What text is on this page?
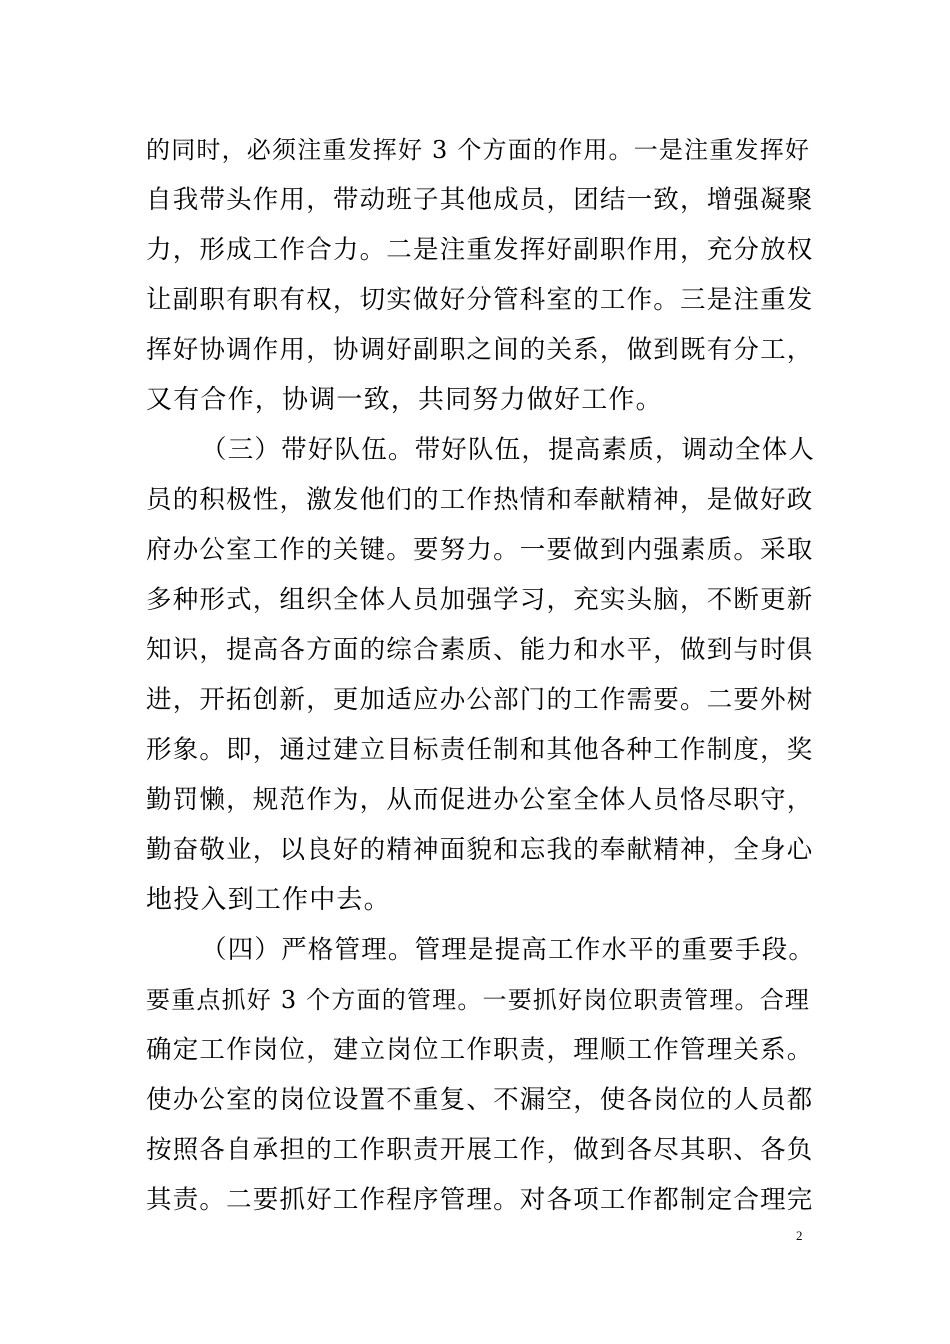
的同时，必须注重发挥好 3 个方面的作用。一是注重发挥好
自我带头作用，带动班子其他成员，团结一致，增强凝聚
力，形成工作合力。二是注重发挥好副职作用，充分放权
让副职有职有权，切实做好分管科室的工作。三是注重发
挥好协调作用，协调好副职之间的关系，做到既有分工，
又有合作，协调一致，共同努力做好工作。
（三）带好队伍。带好队伍，提高素质，调动全体人
员的积极性，激发他们的工作热情和奉献精神，是做好政
府办公室工作的关键。要努力。一要做到内强素质。采取
多种形式，组织全体人员加强学习，充实头脑，不断更新
知识，提高各方面的综合素质、能力和水平，做到与时俱
进，开拓创新，更加适应办公部门的工作需要。二要外树
形象。即，通过建立目标责任制和其他各种工作制度，奖
勤罚懒，规范作为，从而促进办公室全体人员恪尽职守，
勤奋敬业，以良好的精神面貌和忘我的奉献精神，全身心
地投入到工作中去。
（四）严格管理。管理是提高工作水平的重要手段。
要重点抓好 3 个方面的管理。一要抓好岗位职责管理。合理
确定工作岗位，建立岗位工作职责，理顺工作管理关系。
使办公室的岗位设置不重复、不漏空，使各岗位的人员都
按照各自承担的工作职责开展工作，做到各尽其职、各负
其责。二要抓好工作程序管理。对各项工作都制定合理完
2
